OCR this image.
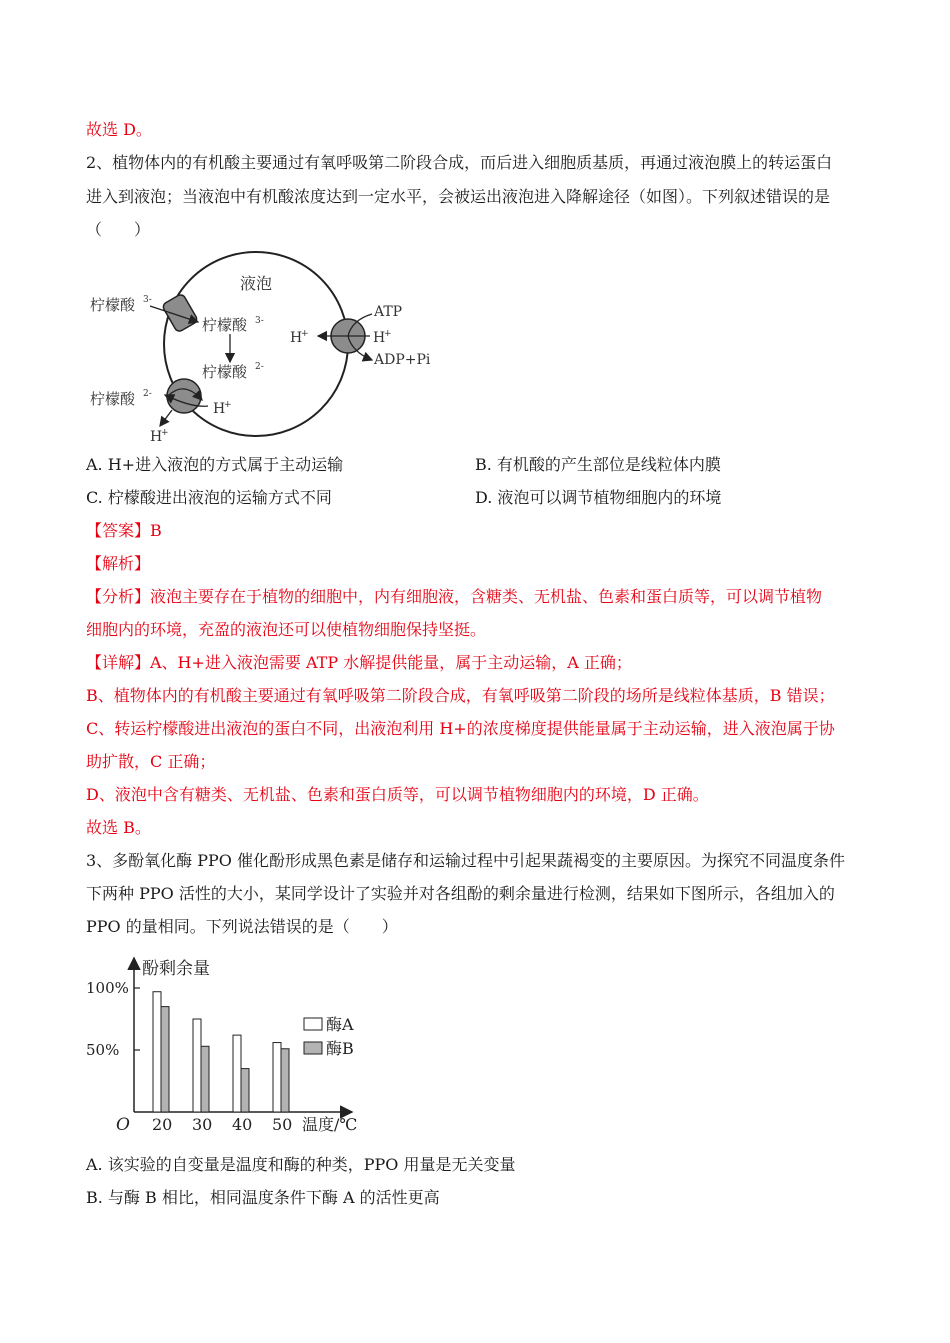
故选 D。
2、植物体内的有机酸主要通过有氧呼吸第二阶段合成，而后进入细胞质基质，再通过液泡膜上的转运蛋白
进入到液泡；当液泡中有机酸浓度达到一定水平，会被运出液泡进入降解途径（如图）。下列叙述错误的是
（　　）
液泡
柠檬酸 3-
柠檬酸 3-
柠檬酸 2-
柠檬酸 2-
H
+
H
+
ATP
ADP+Pi
H
+
H
+
A. H+进入液泡的方式属于主动运输	B. 有机酸的产生部位是线粒体内膜
C. 柠檬酸进出液泡的运输方式不同	D. 液泡可以调节植物细胞内的环境
【答案】B
【解析】
【分析】液泡主要存在于植物的细胞中，内有细胞液，含糖类、无机盐、色素和蛋白质等，可以调节植物
细胞内的环境，充盈的液泡还可以使植物细胞保持坚挺。
【详解】A、H+进入液泡需要 ATP 水解提供能量，属于主动运输，A 正确；
B、植物体内的有机酸主要通过有氧呼吸第二阶段合成，有氧呼吸第二阶段的场所是线粒体基质，B 错误；
C、转运柠檬酸进出液泡的蛋白不同，出液泡利用 H+的浓度梯度提供能量属于主动运输，进入液泡属于协
助扩散，C 正确；
D、液泡中含有糖类、无机盐、色素和蛋白质等，可以调节植物细胞内的环境，D 正确。
故选 B。
3、多酚氧化酶 PPO 催化酚形成黑色素是储存和运输过程中引起果蔬褐变的主要原因。为探究不同温度条件
下两种 PPO 活性的大小，某同学设计了实验并对各组酚的剩余量进行检测，结果如下图所示，各组加入的
PPO 的量相同。下列说法错误的是（　　）
酚剩余量
温度/℃
O
100%
50%
20 30 40 50
酶A
酶B
A. 该实验的自变量是温度和酶的种类，PPO 用量是无关变量
B. 与酶 B 相比，相同温度条件下酶 A 的活性更高
